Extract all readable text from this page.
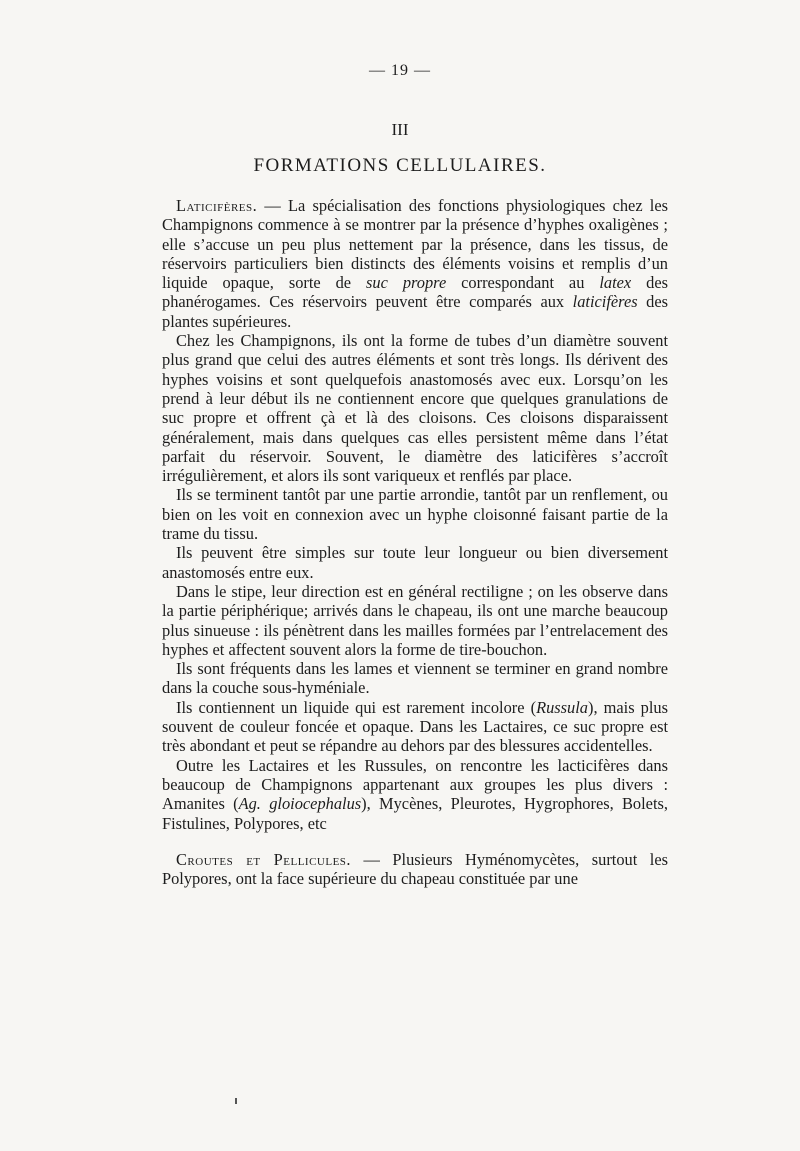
— 19 —
III
FORMATIONS CELLULAIRES.

Laticifères. — La spécialisation des fonctions physiologiques chez les Champignons commence à se montrer par la présence d’hyphes oxaligènes ; elle s’accuse un peu plus nettement par la présence, dans les tissus, de réservoirs particuliers bien distincts des éléments voisins et remplis d’un liquide opaque, sorte de suc propre correspondant au latex des phanérogames. Ces réservoirs peuvent être comparés aux laticifères des plantes supérieures.

Chez les Champignons, ils ont la forme de tubes d’un diamètre souvent plus grand que celui des autres éléments et sont très longs. Ils dérivent des hyphes voisins et sont quelquefois anastomosés avec eux. Lorsqu’on les prend à leur début ils ne contiennent encore que quelques granulations de suc propre et offrent çà et là des cloisons. Ces cloisons disparaissent généralement, mais dans quelques cas elles persistent même dans l’état parfait du réservoir. Souvent, le diamètre des laticifères s’accroît irrégulièrement, et alors ils sont variqueux et renflés par place.

Ils se terminent tantôt par une partie arrondie, tantôt par un renflement, ou bien on les voit en connexion avec un hyphe cloisonné faisant partie de la trame du tissu.

Ils peuvent être simples sur toute leur longueur ou bien diversement anastomosés entre eux.

Dans le stipe, leur direction est en général rectiligne ; on les observe dans la partie périphérique; arrivés dans le chapeau, ils ont une marche beaucoup plus sinueuse : ils pénètrent dans les mailles formées par l’entrelacement des hyphes et affectent souvent alors la forme de tire-bouchon.

Ils sont fréquents dans les lames et viennent se terminer en grand nombre dans la couche sous-hyméniale.

Ils contiennent un liquide qui est rarement incolore (Russula), mais plus souvent de couleur foncée et opaque. Dans les Lactaires, ce suc propre est très abondant et peut se répandre au dehors par des blessures accidentelles.

Outre les Lactaires et les Russules, on rencontre les lacticifères dans beaucoup de Champignons appartenant aux groupes les plus divers : Amanites (Ag. gloiocephalus), Mycènes, Pleurotes, Hygrophores, Bolets, Fistulines, Polypores, etc

Croutes et Pellicules. — Plusieurs Hyménomycètes, surtout les Polypores, ont la face supérieure du chapeau constituée par une
